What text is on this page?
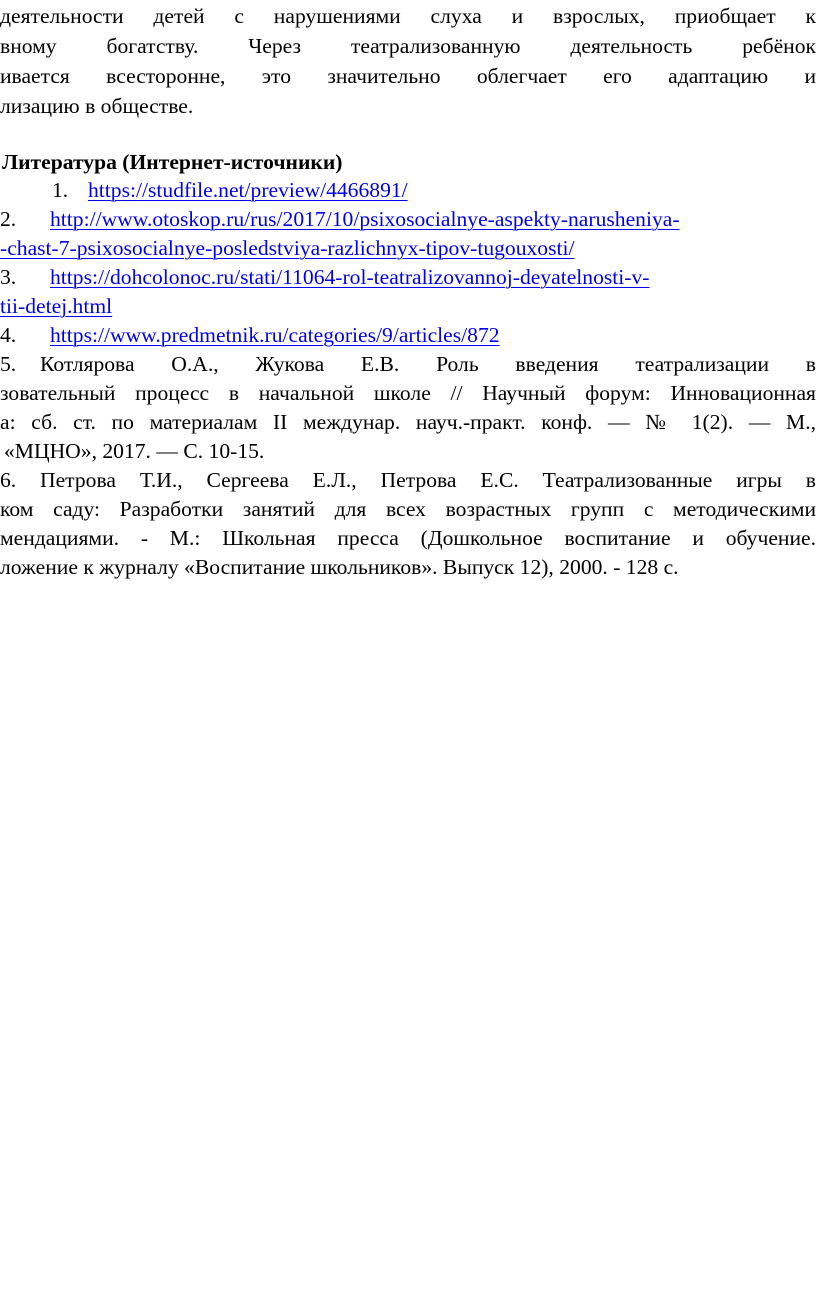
деятельности детей с нарушениями слуха и взрослых, приобщает к
вному богатству. Через театрализованную деятельность ребёнок
ивается всесторонне, это значительно облегчает его адаптацию и
лизацию в обществе.
Литература (Интернет-источники)
1. https://studfile.net/preview/4466891/
2. http://www.otoskop.ru/rus/2017/10/psixosocialnye-aspekty-narusheniya-
-chast-7-psixosocialnye-posledstviya-razlichnyx-tipov-tugouxosti/
3. https://dohcolonoc.ru/stati/11064-rol-teatralizovannoj-deyatelnosti-v-
tii-detej.html
4. https://www.predmetnik.ru/categories/9/articles/872
5. Котлярова О.А., Жукова Е.В. Роль введения театрализации в
зовательный процесс в начальной школе // Научный форум: Инновационная
а: сб. ст. по материалам II междунар. науч.-практ. конф. — № 1(2). — М.,
«МЦНО», 2017. — С. 10-15.
6. Петрова Т.И., Сергеева Е.Л., Петрова Е.С. Театрализованные игры в
ком саду: Разработки занятий для всех возрастных групп с методическими
мендациями. - М.: Школьная пресса (Дошкольное воспитание и обучение.
ложение к журналу «Воспитание школьников». Выпуск 12), 2000. - 128 с.
